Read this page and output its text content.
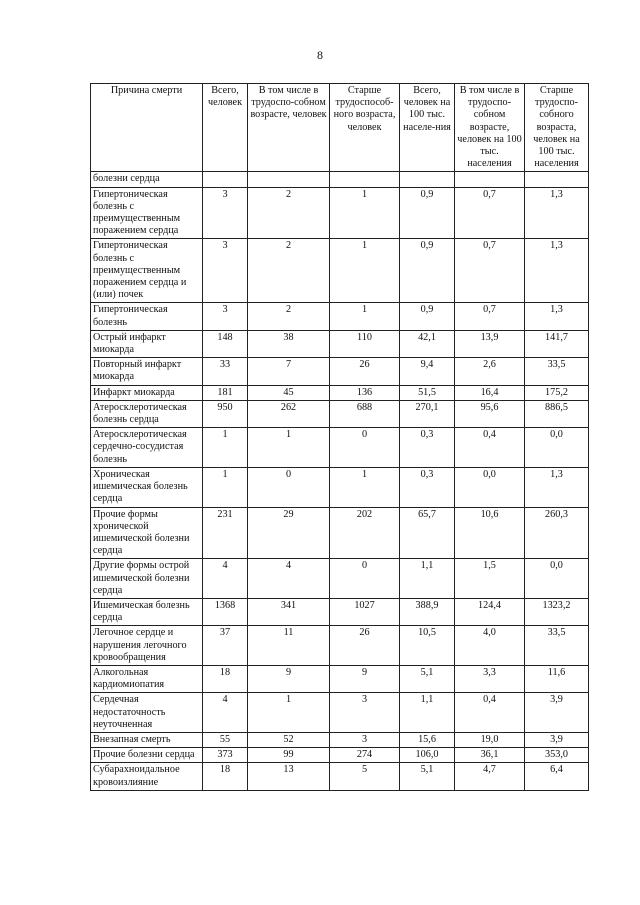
8
Причина смерти	Всего, человек	В том числе в трудоспо-собном возрасте, человек	Старше трудоспособ-ного возраста, человек	Всего, человек на 100 тыс. населе-ния	В том числе в трудоспо-собном возрасте, человек на 100 тыс. населения	Старше трудоспо-собного возраста, человек на 100 тыс. населения
болезни сердца						
Гипертоническая болезнь с преимущественным поражением сердца	3	2	1	0,9	0,7	1,3
Гипертоническая болезнь с преимущественным поражением сердца и (или) почек	3	2	1	0,9	0,7	1,3
Гипертоническая болезнь	3	2	1	0,9	0,7	1,3
Острый инфаркт миокарда	148	38	110	42,1	13,9	141,7
Повторный инфаркт миокарда	33	7	26	9,4	2,6	33,5
Инфаркт миокарда	181	45	136	51,5	16,4	175,2
Атеросклеротическая болезнь сердца	950	262	688	270,1	95,6	886,5
Атеросклеротическая сердечно-сосудистая болезнь	1	1	0	0,3	0,4	0,0
Хроническая ишемическая болезнь сердца	1	0	1	0,3	0,0	1,3
Прочие формы хронической ишемической болезни сердца	231	29	202	65,7	10,6	260,3
Другие формы острой ишемической болезни сердца	4	4	0	1,1	1,5	0,0
Ишемическая болезнь сердца	1368	341	1027	388,9	124,4	1323,2
Легочное сердце и нарушения легочного кровообращения	37	11	26	10,5	4,0	33,5
Алкогольная кардиомиопатия	18	9	9	5,1	3,3	11,6
Сердечная недостаточность неуточненная	4	1	3	1,1	0,4	3,9
Внезапная смерть	55	52	3	15,6	19,0	3,9
Прочие болезни сердца	373	99	274	106,0	36,1	353,0
Субарахноидальное кровоизлияние	18	13	5	5,1	4,7	6,4
